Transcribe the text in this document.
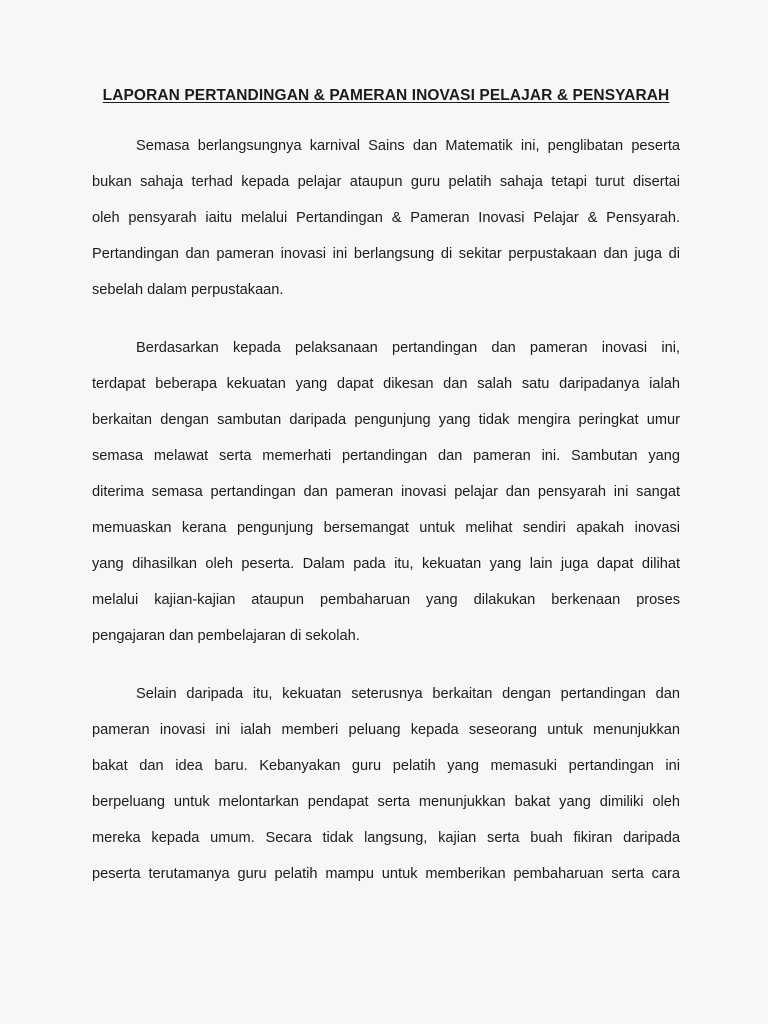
LAPORAN PERTANDINGAN & PAMERAN INOVASI PELAJAR & PENSYARAH

Semasa berlangsungnya karnival Sains dan Matematik ini, penglibatan peserta
bukan sahaja terhad kepada pelajar ataupun guru pelatih sahaja tetapi turut disertai
oleh pensyarah iaitu melalui Pertandingan & Pameran Inovasi Pelajar & Pensyarah.
Pertandingan dan pameran inovasi ini berlangsung di sekitar perpustakaan dan juga di
sebelah dalam perpustakaan.

Berdasarkan kepada pelaksanaan pertandingan dan pameran inovasi ini,
terdapat beberapa kekuatan yang dapat dikesan dan salah satu daripadanya ialah
berkaitan dengan sambutan daripada pengunjung yang tidak mengira peringkat umur
semasa melawat serta memerhati pertandingan dan pameran ini. Sambutan yang
diterima semasa pertandingan dan pameran inovasi pelajar dan pensyarah ini sangat
memuaskan kerana pengunjung bersemangat untuk melihat sendiri apakah inovasi
yang dihasilkan oleh peserta. Dalam pada itu, kekuatan yang lain juga dapat dilihat
melalui kajian-kajian ataupun pembaharuan yang dilakukan berkenaan proses
pengajaran dan pembelajaran di sekolah.

Selain daripada itu, kekuatan seterusnya berkaitan dengan pertandingan dan
pameran inovasi ini ialah memberi peluang kepada seseorang untuk menunjukkan
bakat dan idea baru. Kebanyakan guru pelatih yang memasuki pertandingan ini
berpeluang untuk melontarkan pendapat serta menunjukkan bakat yang dimiliki oleh
mereka kepada umum. Secara tidak langsung, kajian serta buah fikiran daripada
peserta terutamanya guru pelatih mampu untuk memberikan pembaharuan serta cara
